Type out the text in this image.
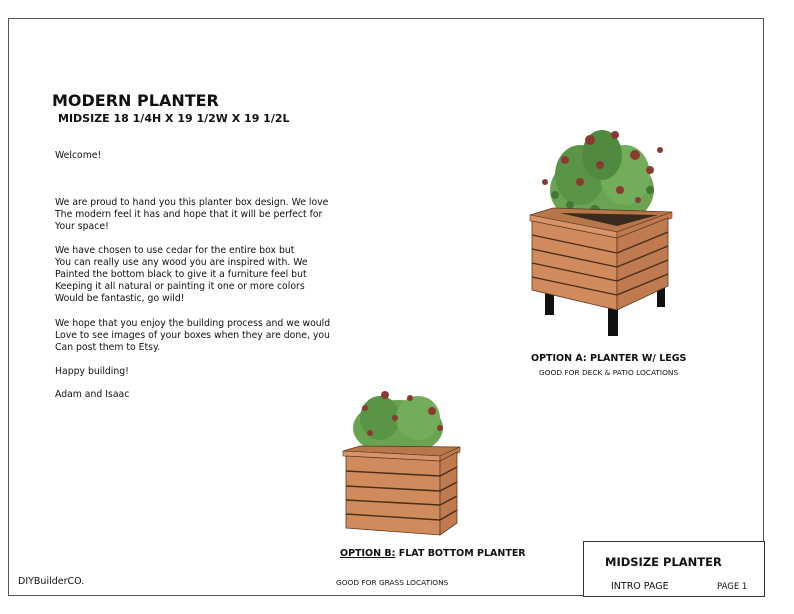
MODERN PLANTER
MIDSIZE 18 1/4H X 19 1/2W X 19 1/2L
Welcome!
We are proud to hand you this planter box design. We love
The modern feel it has and hope that it will be perfect for
Your space!
We have chosen to use cedar for the entire box but
You can really use any wood you are inspired with. We
Painted the bottom black to give it a furniture feel but
Keeping it all natural or painting it one or more colors
Would be fantastic, go wild!
We hope that you enjoy the building process and we would
Love to see images of your boxes when they are done, you
Can post them to Etsy.
Happy building!
Adam and Isaac
OPTION A: PLANTER W/ LEGS
GOOD FOR DECK & PATIO LOCATIONS
OPTION B: FLAT BOTTOM PLANTER
GOOD FOR GRASS LOCATIONS
DIYBuilderCO.
MIDSIZE PLANTER
INTRO PAGE	PAGE 1
